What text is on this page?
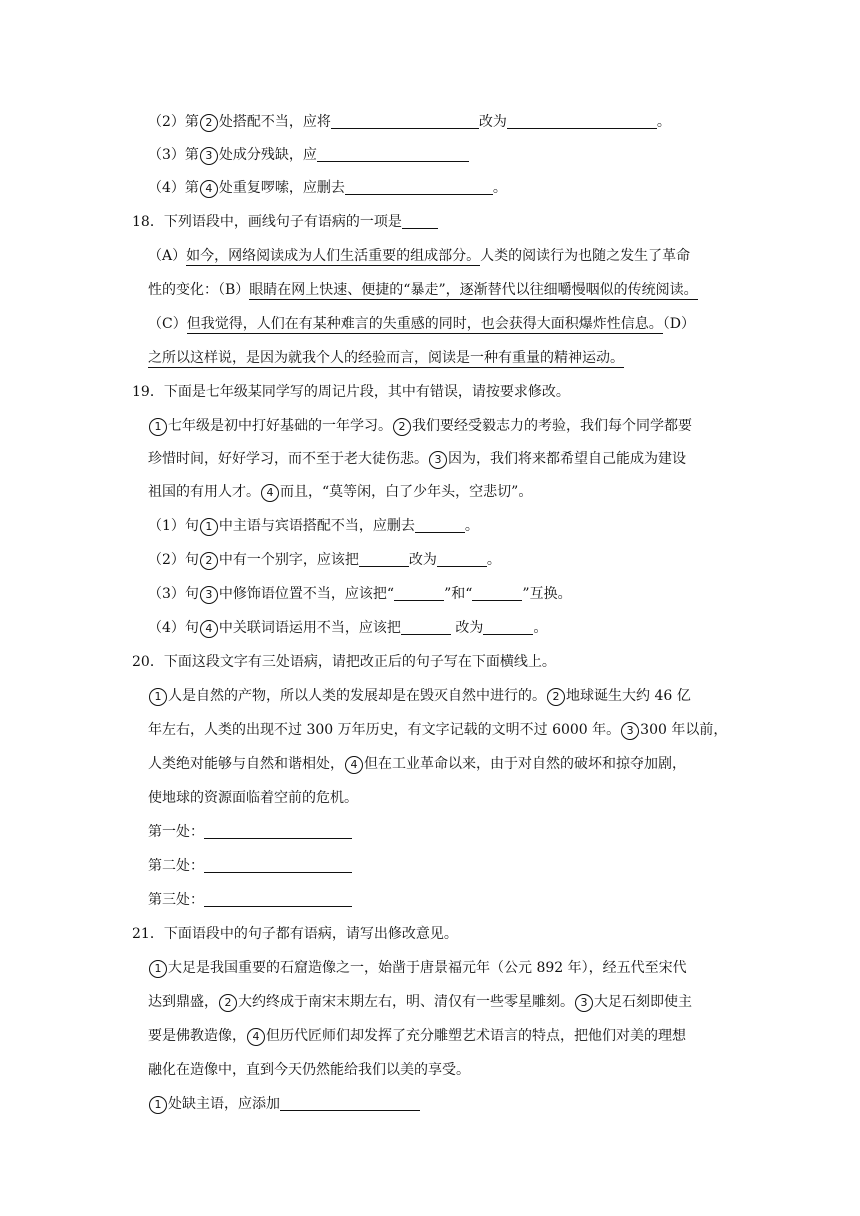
（2）第 2 处搭配不当，应将	改为	。
（3）第 3 处成分残缺，应
（4）第 4 处重复啰嗦，应删去	。
18．下列语段中，画线句子有语病的一项是
（A）如今，网络阅读成为人们生活重要的组成部分。人类的阅读行为也随之发生了革命
性的变化：（B）眼睛在网上快速、便捷的“暴走”，逐渐替代以往细嚼慢咽似的传统阅读。
（C）但我觉得，人们在有某种难言的失重感的同时，也会获得大面积爆炸性信息。（D）
之所以这样说，是因为就我个人的经验而言，阅读是一种有重量的精神运动。
19．下面是七年级某同学写的周记片段，其中有错误，请按要求修改。
1 七年级是初中打好基础的一年学习。 2 我们要经受毅志力的考验，我们每个同学都要
珍惜时间，好好学习，而不至于老大徒伤悲。 3 因为，我们将来都希望自己能成为建设
祖国的有用人才。 4 而且，“莫等闲，白了少年头，空悲切”。
（1）句 1 中主语与宾语搭配不当，应删去	。
（2）句 2 中有一个别字，应该把	改为	。
（3）句 3 中修饰语位置不当，应该把“	”和“	”互换。
（4）句 4 中关联词语运用不当，应该把	改为	。
20．下面这段文字有三处语病，请把改正后的句子写在下面横线上。
1 人是自然的产物，所以人类的发展却是在毁灭自然中进行的。 2 地球诞生大约 46 亿
年左右，人类的出现不过 300 万年历史，有文字记载的文明不过 6000 年。 3 300 年以前，
人类绝对能够与自然和谐相处， 4 但在工业革命以来，由于对自然的破坏和掠夺加剧，
使地球的资源面临着空前的危机。
第一处：
第二处：
第三处：
21．下面语段中的句子都有语病，请写出修改意见。
1 大足是我国重要的石窟造像之一，始凿于唐景福元年（公元 892 年），经五代至宋代
达到鼎盛， 2 大约终成于南宋末期左右，明、清仅有一些零星雕刻。 3 大足石刻即使主
要是佛教造像， 4 但历代匠师们却发挥了充分雕塑艺术语言的特点，把他们对美的理想
融化在造像中，直到今天仍然能给我们以美的享受。
1 处缺主语，应添加
